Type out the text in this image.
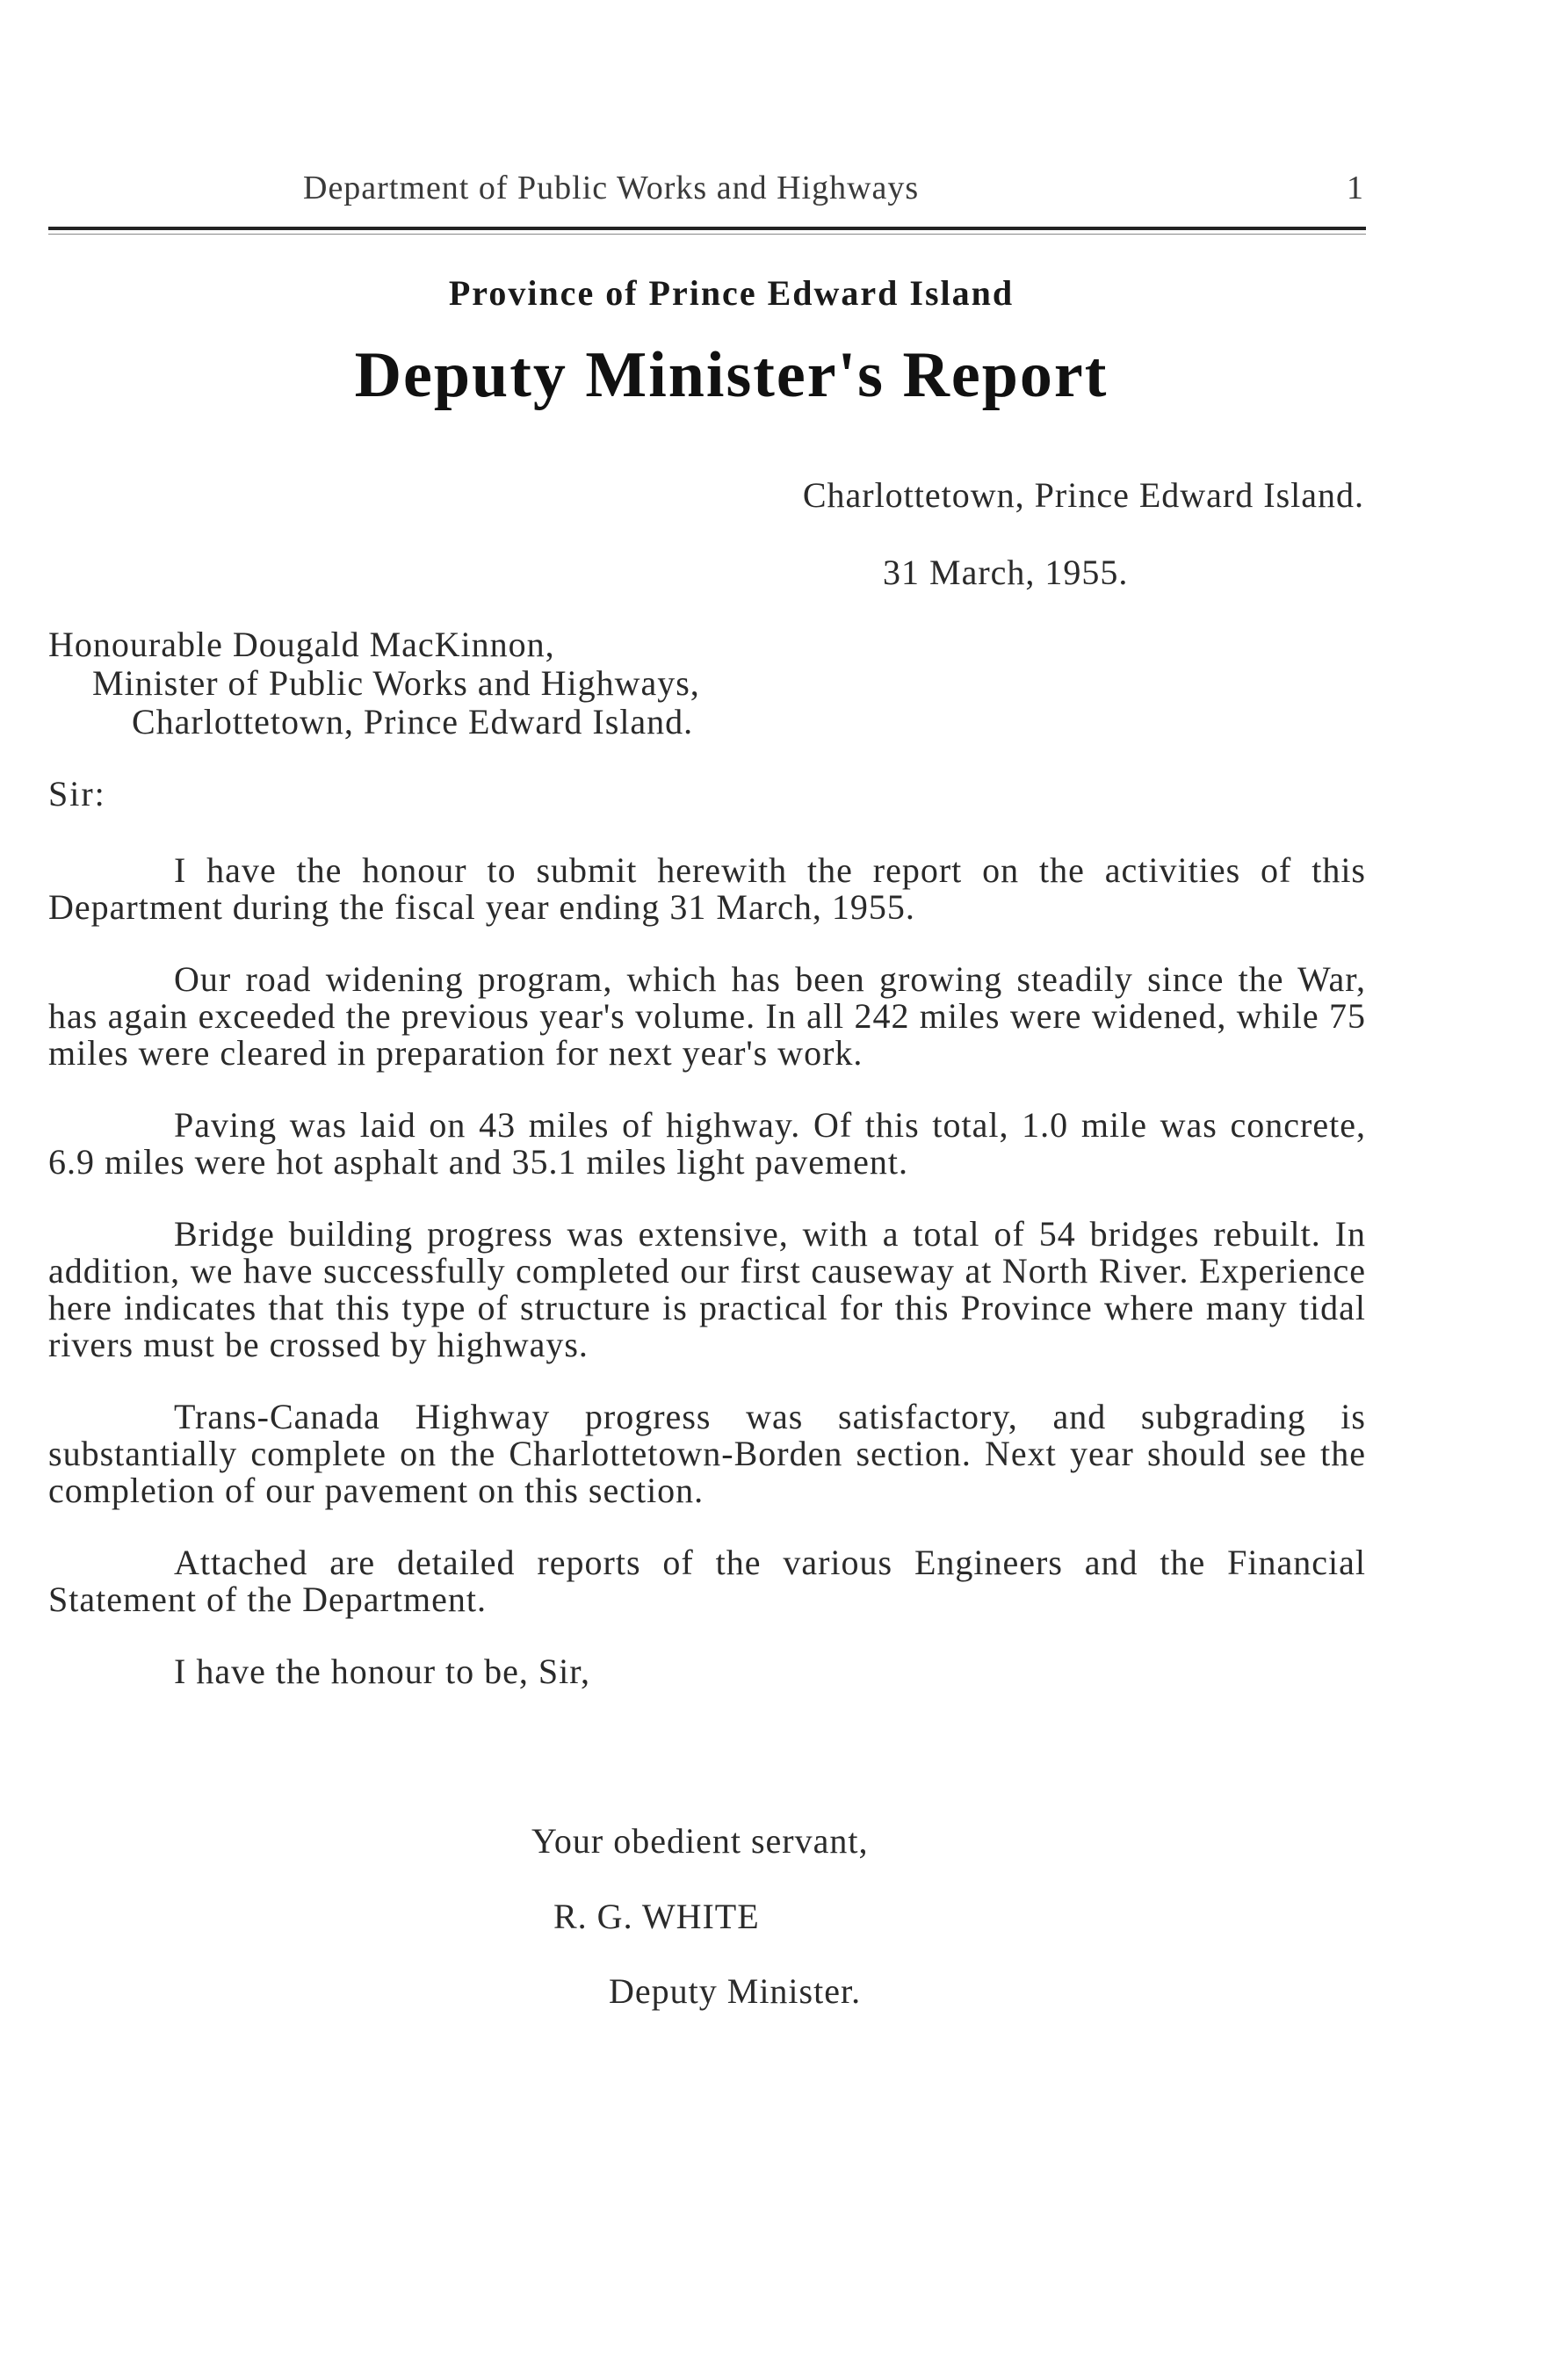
Department of Public Works and Highways	1
Province of Prince Edward Island
Deputy Minister's Report
Charlottetown, Prince Edward Island.
31 March, 1955.
Honourable Dougald MacKinnon,
Minister of Public Works and Highways,
Charlottetown, Prince Edward Island.
Sir:

I have the honour to submit herewith the report on the activities of this Department during the fiscal year ending 31 March, 1955.

Our road widening program, which has been growing steadily since the War, has again exceeded the previous year's volume. In all 242 miles were widened, while 75 miles were cleared in preparation for next year's work.

Paving was laid on 43 miles of highway. Of this total, 1.0 mile was concrete, 6.9 miles were hot asphalt and 35.1 miles light pavement.

Bridge building progress was extensive, with a total of 54 bridges rebuilt. In addition, we have successfully completed our first causeway at North River. Experience here indicates that this type of structure is practical for this Province where many tidal rivers must be crossed by highways.

Trans-Canada Highway progress was satisfactory, and subgrading is substantially complete on the Charlottetown-Borden section. Next year should see the completion of our pavement on this section.

Attached are detailed reports of the various Engineers and the Financial Statement of the Department.

I have the honour to be, Sir,

Your obedient servant,
R. G. WHITE
Deputy Minister.
